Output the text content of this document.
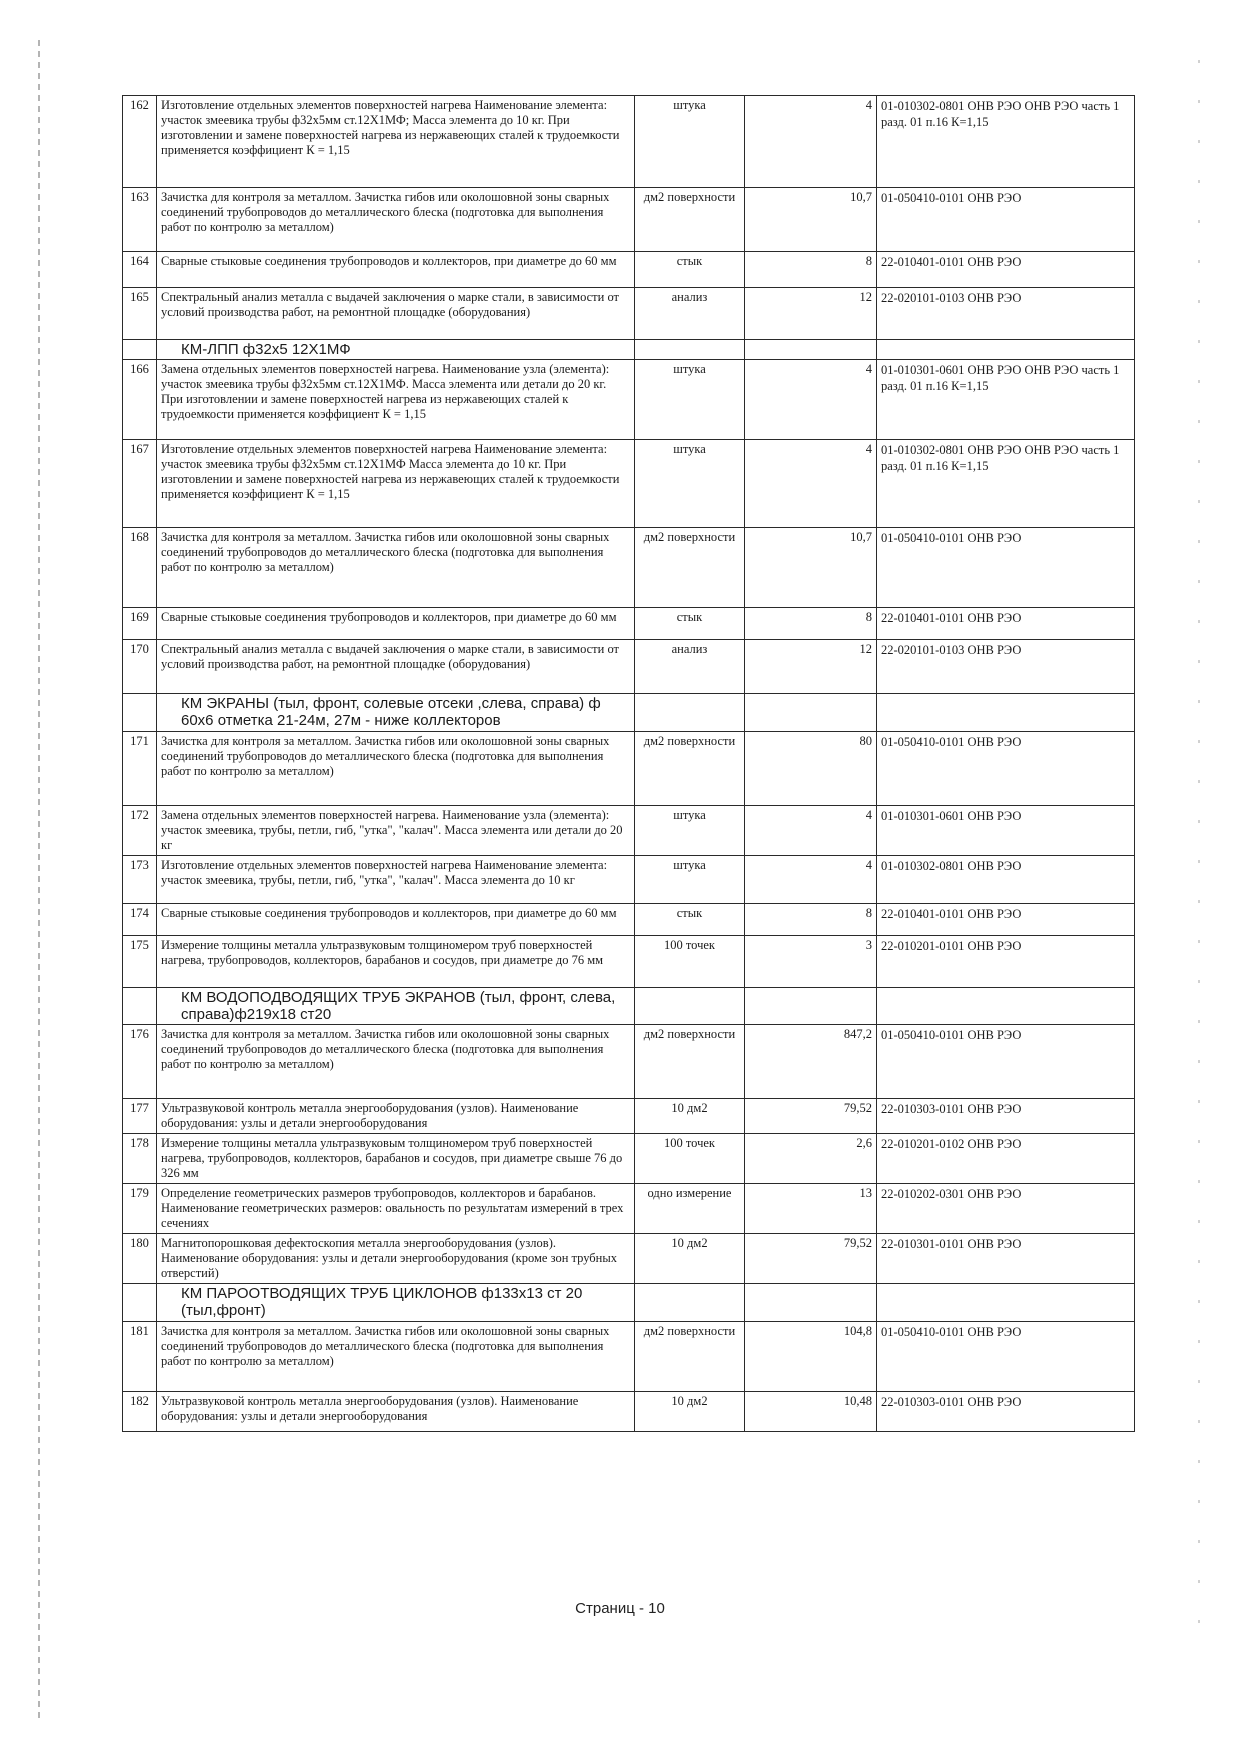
162	Изготовление отдельных элементов поверхностей нагрева Наименование элемента: участок змеевика трубы ф32х5мм ст.12Х1МФ; Масса элемента до 10 кг. При изготовлении и замене поверхностей нагрева из нержавеющих сталей к трудоемкости применяется коэффициент К = 1,15	штука	4	01-010302-0801 ОНВ РЭО ОНВ РЭО часть 1 разд. 01 п.16 К=1,15
163	Зачистка для контроля за металлом. Зачистка гибов или околошовной зоны сварных соединений трубопроводов до металлического блеска (подготовка для выполнения работ по контролю за металлом)	дм2 поверхности	10,7	01-050410-0101 ОНВ РЭО
164	Сварные стыковые соединения трубопроводов и коллекторов, при диаметре до 60 мм	стык	8	22-010401-0101 ОНВ РЭО
165	Спектральный анализ металла с выдачей заключения о марке стали, в зависимости от условий производства работ, на ремонтной площадке (оборудования)	анализ	12	22-020101-0103 ОНВ РЭО
	КМ-ЛПП ф32х5 12Х1МФ			
166	Замена отдельных элементов поверхностей нагрева. Наименование узла (элемента): участок змеевика трубы ф32х5мм ст.12Х1МФ. Масса элемента или детали до 20 кг. При изготовлении и замене поверхностей нагрева из нержавеющих сталей к трудоемкости применяется коэффициент К = 1,15	штука	4	01-010301-0601 ОНВ РЭО ОНВ РЭО часть 1 разд. 01 п.16 К=1,15
167	Изготовление отдельных элементов поверхностей нагрева Наименование элемента: участок змеевика трубы ф32х5мм ст.12Х1МФ Масса элемента до 10 кг. При изготовлении и замене поверхностей нагрева из нержавеющих сталей к трудоемкости применяется коэффициент К = 1,15	штука	4	01-010302-0801 ОНВ РЭО ОНВ РЭО часть 1 разд. 01 п.16 К=1,15
168	Зачистка для контроля за металлом. Зачистка гибов или околошовной зоны сварных соединений трубопроводов до металлического блеска (подготовка для выполнения работ по контролю за металлом)	дм2 поверхности	10,7	01-050410-0101 ОНВ РЭО
169	Сварные стыковые соединения трубопроводов и коллекторов, при диаметре до 60 мм	стык	8	22-010401-0101 ОНВ РЭО
170	Спектральный анализ металла с выдачей заключения о марке стали, в зависимости от условий производства работ, на ремонтной площадке (оборудования)	анализ	12	22-020101-0103 ОНВ РЭО
	КМ ЭКРАНЫ (тыл, фронт, солевые отсеки ,слева, справа) ф 60х6 отметка 21-24м, 27м - ниже коллекторов			
171	Зачистка для контроля за металлом. Зачистка гибов или околошовной зоны сварных соединений трубопроводов до металлического блеска (подготовка для выполнения работ по контролю за металлом)	дм2 поверхности	80	01-050410-0101 ОНВ РЭО
172	Замена отдельных элементов поверхностей нагрева. Наименование узла (элемента): участок змеевика, трубы, петли, гиб, "утка", "калач". Масса элемента или детали до 20 кг	штука	4	01-010301-0601 ОНВ РЭО
173	Изготовление отдельных элементов поверхностей нагрева Наименование элемента: участок змеевика, трубы, петли, гиб, "утка", "калач". Масса элемента до 10 кг	штука	4	01-010302-0801 ОНВ РЭО
174	Сварные стыковые соединения трубопроводов и коллекторов, при диаметре до 60 мм	стык	8	22-010401-0101 ОНВ РЭО
175	Измерение толщины металла ультразвуковым толщиномером труб поверхностей нагрева, трубопроводов, коллекторов, барабанов и сосудов, при диаметре до 76 мм	100 точек	3	22-010201-0101 ОНВ РЭО
	КМ ВОДОПОДВОДЯЩИХ ТРУБ ЭКРАНОВ (тыл, фронт, слева, справа)ф219х18 ст20			
176	Зачистка для контроля за металлом. Зачистка гибов или околошовной зоны сварных соединений трубопроводов до металлического блеска (подготовка для выполнения работ по контролю за металлом)	дм2 поверхности	847,2	01-050410-0101 ОНВ РЭО
177	Ультразвуковой контроль металла энергооборудования (узлов). Наименование оборудования: узлы и детали энергооборудования	10 дм2	79,52	22-010303-0101 ОНВ РЭО
178	Измерение толщины металла ультразвуковым толщиномером труб поверхностей нагрева, трубопроводов, коллекторов, барабанов и сосудов, при диаметре свыше 76 до 326 мм	100 точек	2,6	22-010201-0102 ОНВ РЭО
179	Определение геометрических размеров трубопроводов, коллекторов и барабанов. Наименование геометрических размеров: овальность по результатам измерений в трех сечениях	одно измерение	13	22-010202-0301 ОНВ РЭО
180	Магнитопорошковая дефектоскопия металла энергооборудования (узлов). Наименование оборудования: узлы и детали энергооборудования (кроме зон трубных отверстий)	10 дм2	79,52	22-010301-0101 ОНВ РЭО
	КМ ПАРООТВОДЯЩИХ ТРУБ ЦИКЛОНОВ ф133х13 ст 20 (тыл,фронт)			
181	Зачистка для контроля за металлом. Зачистка гибов или околошовной зоны сварных соединений трубопроводов до металлического блеска (подготовка для выполнения работ по контролю за металлом)	дм2 поверхности	104,8	01-050410-0101 ОНВ РЭО
182	Ультразвуковой контроль металла энергооборудования (узлов). Наименование оборудования: узлы и детали энергооборудования	10 дм2	10,48	22-010303-0101 ОНВ РЭО
Страниц - 10
